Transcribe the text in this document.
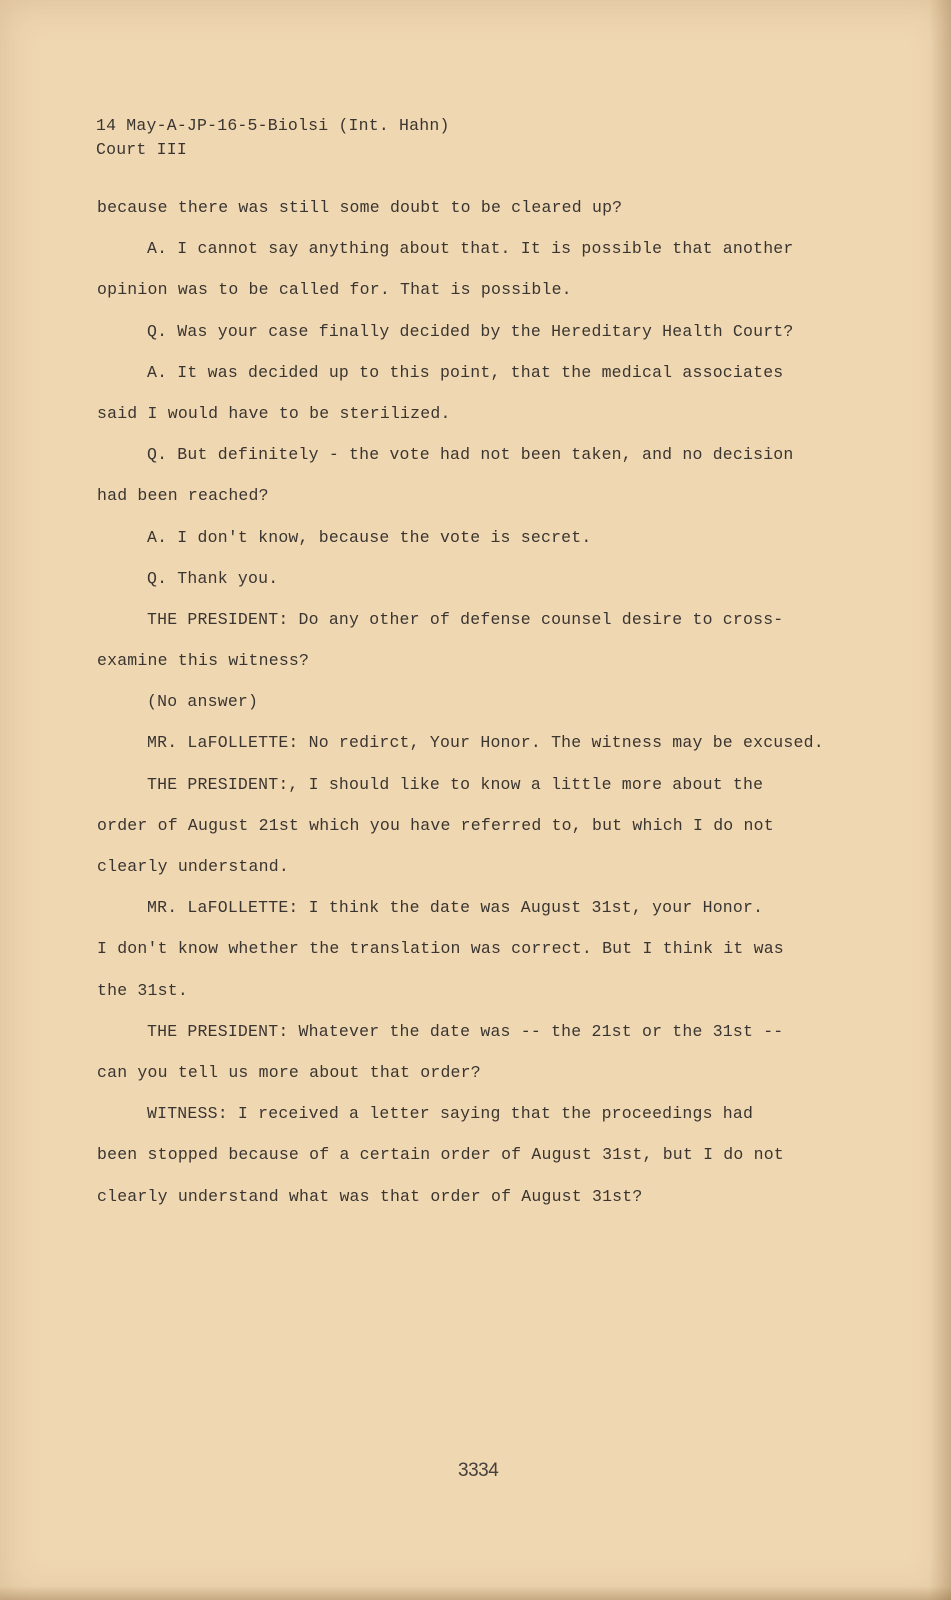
14 May-A-JP-16-5-Biolsi (Int. Hahn)
Court III
because there was still some doubt to be cleared up?
A. I cannot say anything about that. It is possible that another
opinion was to be called for. That is possible.
Q. Was your case finally decided by the Hereditary Health Court?
A. It was decided up to this point, that the medical associates
said I would have to be sterilized.
Q. But definitely - the vote had not been taken, and no decision
had been reached?
A. I don't know, because the vote is secret.
Q. Thank you.
THE PRESIDENT: Do any other of defense counsel desire to cross-
examine this witness?
(No answer)
MR. LaFOLLETTE: No redirct, Your Honor. The witness may be excused.
THE PRESIDENT:, I should like to know a little more about the
order of August 21st which you have referred to, but which I do not
clearly understand.
MR. LaFOLLETTE: I think the date was August 31st, your Honor.
I don't know whether the translation was correct. But I think it was
the 31st.
THE PRESIDENT: Whatever the date was -- the 21st or the 31st --
can you tell us more about that order?
WITNESS: I received a letter saying that the proceedings had
been stopped because of a certain order of August 31st, but I do not
clearly understand what was that order of August 31st?
3334
